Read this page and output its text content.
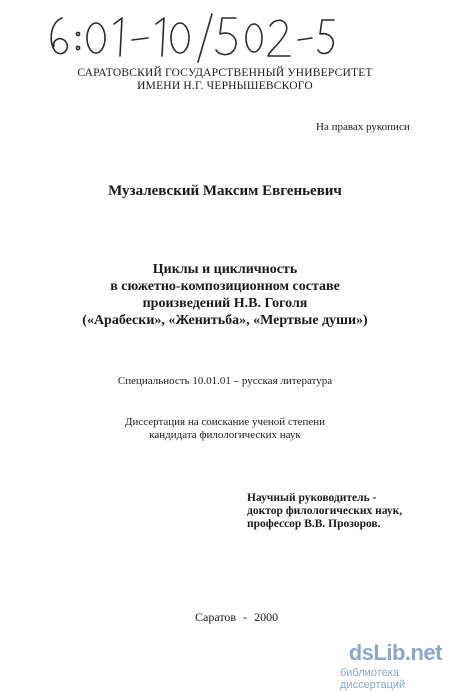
САРАТОВСКИЙ ГОСУДАРСТВЕННЫЙ УНИВЕРСИТЕТ
ИМЕНИ Н.Г. ЧЕРНЫШЕВСКОГО
На правах рукописи
Музалевский Максим Евгеньевич
Циклы и цикличность
в сюжетно-композиционном составе
произведений Н.В. Гоголя
(«Арабески», «Женитьба», «Мертвые души»)
Специальность 10.01.01 – русская литература
Диссертация на соискание ученой степени
кандидата филологических наук
Научный руководитель -
доктор филологических наук,
профессор В.В. Прозоров.
Саратов - 2000
dsLib.net
библиотека диссертаций
